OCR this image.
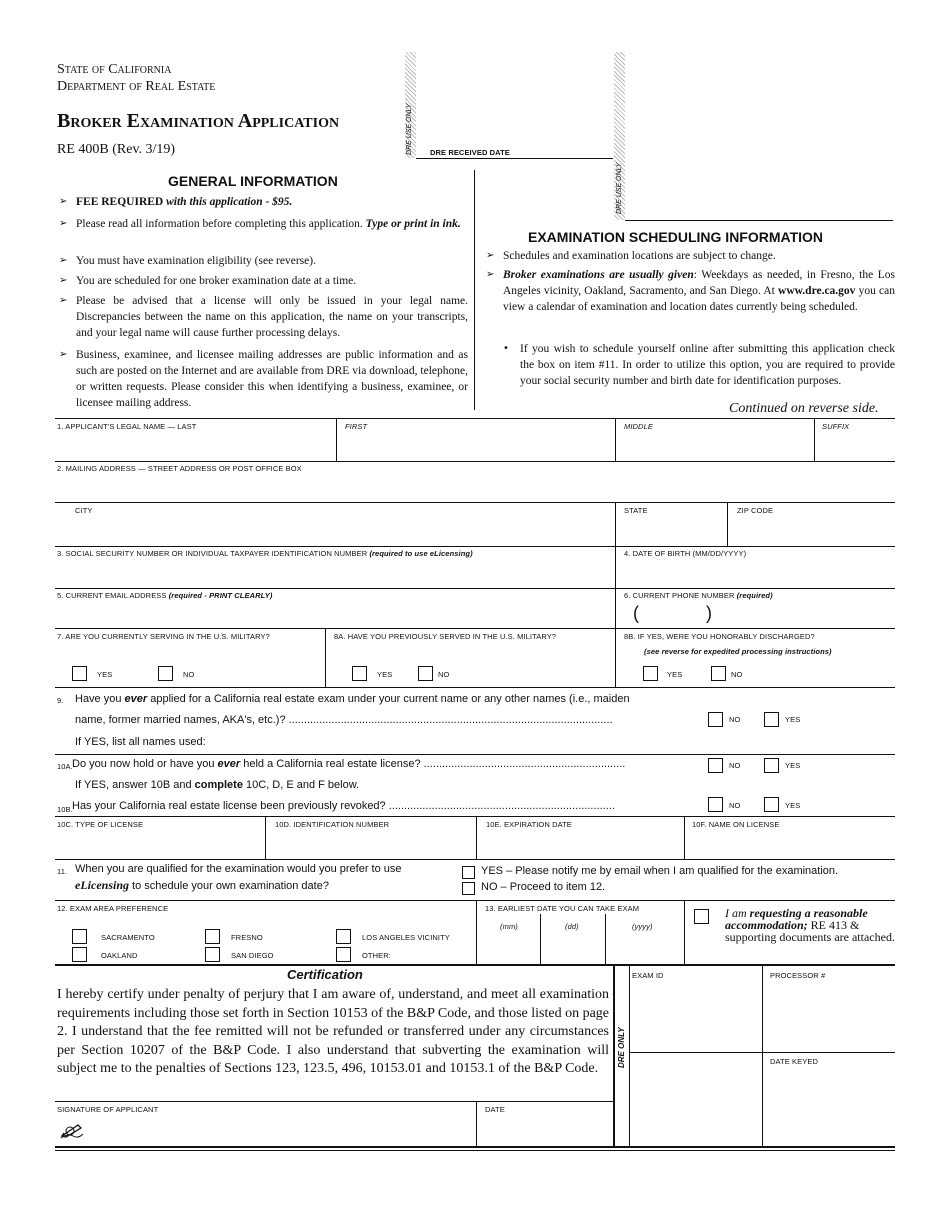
State of California
Department of Real Estate
Broker Examination Application
RE 400B (Rev. 3/19)	DRE USE ONLY DRE RECEIVED DATE
DRE USE ONLY
GENERAL INFORMATION
➢ FEE REQUIRED with this application - $95.
➢ Please read all information before completing this application. Type or print in ink.
➢ You must have examination eligibility (see reverse).
➢ You are scheduled for one broker examination date at a time.
➢ Please be advised that a license will only be issued in your legal name. Discrepancies between the name on this application, the name on your transcripts, and your legal name will cause further processing delays.
➢ Business, examinee, and licensee mailing addresses are public information and as such are posted on the Internet and are available from DRE via download, telephone, or written requests. Please consider this when identifying a business, examinee, or licensee mailing address.
EXAMINATION SCHEDULING INFORMATION
➢ Schedules and examination locations are subject to change.
➢ Broker examinations are usually given: Weekdays as needed, in Fresno, the Los Angeles vicinity, Oakland, Sacramento, and San Diego. At www.dre.ca.gov you can view a calendar of examination and location dates currently being scheduled.
• If you wish to schedule yourself online after submitting this application check the box on item #11. In order to utilize this option, you are required to provide your social security number and birth date for identification purposes.
Continued on reverse side.
1. APPLICANT'S LEGAL NAME — LAST	FIRST	MIDDLE	SUFFIX
2. MAILING ADDRESS — STREET ADDRESS OR POST OFFICE BOX
CITY	STATE	ZIP CODE
3. SOCIAL SECURITY NUMBER OR INDIVIDUAL TAXPAYER IDENTIFICATION NUMBER (required to use eLicensing)	4. DATE OF BIRTH (MM/DD/YYYY)
5. CURRENT EMAIL ADDRESS (required - PRINT CLEARLY)	6. CURRENT PHONE NUMBER (required)
(	)
7. ARE YOU CURRENTLY SERVING IN THE U.S. MILITARY?	8A. HAVE YOU PREVIOUSLY SERVED IN THE U.S. MILITARY?	8B. IF YES, WERE YOU HONORABLY DISCHARGED?
(see reverse for expedited processing instructions)
YES	NO	YES	NO	YES	NO
9. Have you ever applied for a California real estate exam under your current name or any other names (i.e., maiden
name, former married names, AKA's, etc.)? ..........................................................................................................
If YES, list all names used:
NO	YES
10A. Do you now hold or have you ever held a California real estate license? ..................................................................
If YES, answer 10B and complete 10C, D, E and F below.
NO	YES
10B. Has your California real estate license been previously revoked? ..........................................................................	NO	YES
10C. TYPE OF LICENSE	10D. IDENTIFICATION NUMBER	10E. EXPIRATION DATE	10F. NAME ON LICENSE
11. When you are qualified for the examination would you prefer to use
eLicensing to schedule your own examination date?
YES – Please notify me by email when I am qualified for the examination.
NO – Proceed to item 12.
12. EXAM AREA PREFERENCE
SACRAMENTO	FRESNO	LOS ANGELES VICINITY
OAKLAND	SAN DIEGO	OTHER:
13. EARLIEST DATE YOU CAN TAKE EXAM
(mm)	(dd)	(yyyy)
I am requesting a reasonable accommodation; RE 413 & supporting documents are attached.
Certification
I hereby certify under penalty of perjury that I am aware of, understand, and meet all examination requirements including those set forth in Section 10153 of the B&P Code, and those listed on page 2. I understand that the fee remitted will not be refunded or transferred under any circumstances per Section 10207 of the B&P Code. I also understand that subverting the examination will subject me to the penalties of Sections 123, 123.5, 496, 10153.01 and 10153.1 of the B&P Code.
SIGNATURE OF APPLICANT	DATE
DRE ONLY
EXAM ID	PROCESSOR #
DATE KEYED
